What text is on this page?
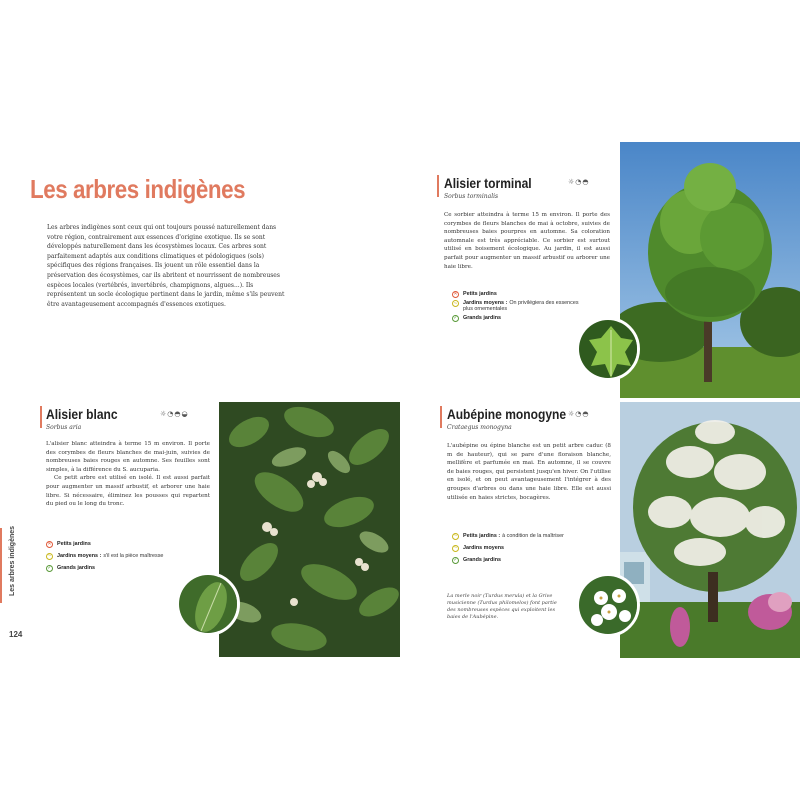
Les arbres indigènes

Les arbres indigènes sont ceux qui ont toujours poussé naturellement dans votre région, contrairement aux essences d'origine exotique. Ils se sont développés naturellement dans les écosystèmes locaux. Ces arbres sont parfaitement adaptés aux conditions climatiques et pédologiques (sols) spécifiques des régions françaises. Ils jouent un rôle essentiel dans la préservation des écosystèmes, car ils abritent et nourrissent de nombreuses espèces locales (vertébrés, invertébrés, champignons, algues...). Ils représentent un socle écologique pertinent dans le jardin, même s'ils peuvent être avantageusement accompagnés d'essences exotiques.

Les arbres indigènes
124
Alisier blanc
Sorbus aria
☼◔◓◒

L'alisier blanc atteindra à terme 15 m environ. Il porte des corymbes de fleurs blanches de mai-juin, suivies de nombreuses baies rouges en automne. Ses feuilles sont simples, à la différence du S. aucuparia.

Ce petit arbre est utilisé en isolé. Il est aussi parfait pour augmenter un massif arbustif, et arborer une haie libre. Si nécessaire, éliminez les pousses qui repartent du pied ou le long du tronc.

✕ Petits jardins
~ Jardins moyens : s'il est la pièce maîtresse
✓ Grands jardins
Alisier torminal
Sorbus torminalis
☼◔◓

Ce sorbier atteindra à terme 15 m environ. Il porte des corymbes de fleurs blanches de mai à octobre, suivies de nombreuses baies pourpres en automne. Sa coloration automnale est très appréciable. Ce sorbier est surtout utilisé en boisement écologique. Au jardin, il est aussi parfait pour augmenter un massif arbustif ou arborer une haie libre.

✕ Petits jardins
~ Jardins moyens : On privilégiera des essences plus ornementales
✓ Grands jardins
Aubépine monogyne
Crataegus monogyna
☼◔◓

L'aubépine ou épine blanche est un petit arbre caduc (8 m de hauteur), qui se pare d'une floraison blanche, mellifère et parfumée en mai. En automne, il se couvre de baies rouges, qui persistent jusqu'en hiver. On l'utilise en isolé, et on peut avantageusement l'intégrer à des groupes d'arbres ou dans une haie libre. Elle est aussi utilisée en haies strictes, bocagères.

~ Petits jardins : à condition de la maîtriser
~ Jardins moyens
✓ Grands jardins

La merle noir (Turdus merula) et la Grive musicienne (Turdus philomelos) font partie des nombreuses espèces qui exploitent les baies de l'Aubépine.
